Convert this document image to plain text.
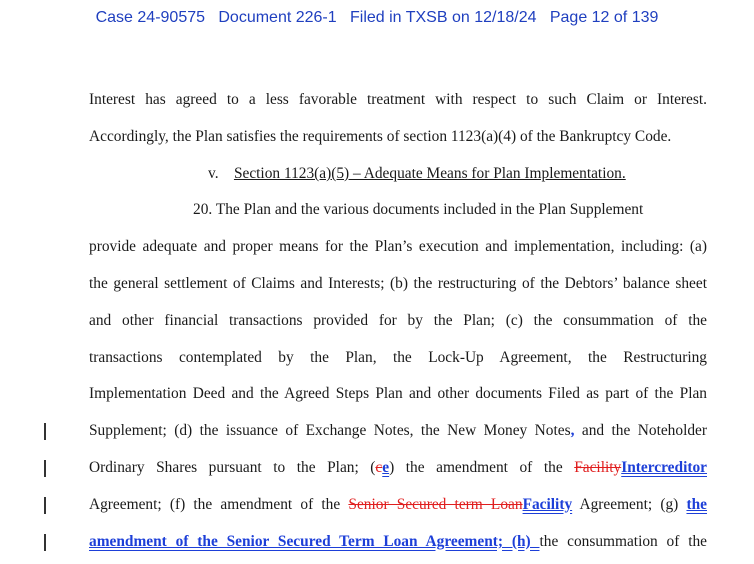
Case 24-90575 Document 226-1 Filed in TXSB on 12/18/24 Page 12 of 139
Interest has agreed to a less favorable treatment with respect to such Claim or Interest.
Accordingly, the Plan satisfies the requirements of section 1123(a)(4) of the Bankruptcy Code.
v. Section 1123(a)(5) – Adequate Means for Plan Implementation.
20. The Plan and the various documents included in the Plan Supplement
provide adequate and proper means for the Plan’s execution and implementation, including: (a)
the general settlement of Claims and Interests; (b) the restructuring of the Debtors’ balance sheet
and other financial transactions provided for by the Plan; (c) the consummation of the
transactions contemplated by the Plan, the Lock-Up Agreement, the Restructuring
Implementation Deed and the Agreed Steps Plan and other documents Filed as part of the Plan
Supplement; (d) the issuance of Exchange Notes, the New Money Notes, and the Noteholder
Ordinary Shares pursuant to the Plan; (ce) the amendment of the FacilityIntercreditor
Agreement; (f) the amendment of the Senior Secured term LoanFacility Agreement; (g) the
amendment of the Senior Secured Term Loan Agreement; (h) the consummation of the
